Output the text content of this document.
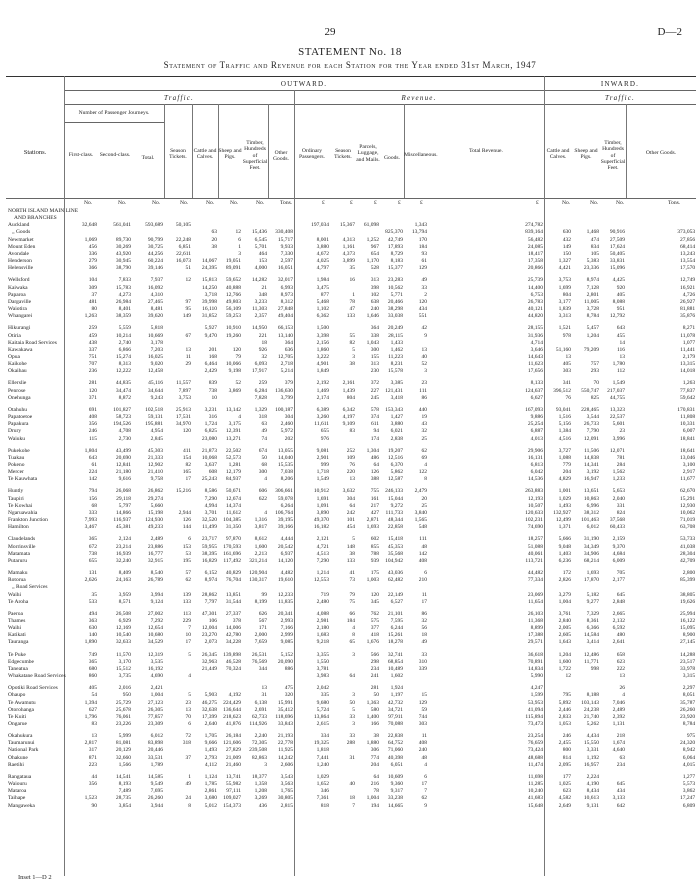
29	D—2
STATEMENT No. 18
Statement of Traffic and Revenue for each Station for the Year ended 31st March, 1947
OUTWARD.	INWARD.
Traffic.	Revenue.	Traffic.
Stations.
Number of Passenger Journeys.
First-class.	Second-class.	Total.
Season Tickets.
Cattle and Calves.
Sheep and Pigs.
Timber, Hundreds of Superficial Feet.
Other Goods.
Ordinary Passengers.
Season Tickets.
Parcels, Luggage, and Mails. Goods. Miscellaneous.
Total Revenue.	Cattle and Calves.
Sheep and Pigs.
Timber, Hundreds of Superficial Feet.
Other Goods.
No.	No.	No.	No.	No.	No.	No.	Tons.	£	£	£	£	£	£	No.	No.	No.	Tons.
NORTH ISLAND MAIN LINE																		
AND BRANCHES																		
Auckland	32,648	561,041	593,689	50,105					197,034	15,367	61,098		1,343	274,782				
„ Goods					63	12	15,436	330,408				825,370	13,794	839,164	630	1,468	90,916	373,053
Newmarket	1,069	89,730	90,799	22,248	20	6	6,545	15,717	8,001	4,313	1,252	42,749	170	56,482	432	474	27,509	27,856
Mount Eden	456	30,269	30,725	6,851	38	1	5,701	9,933	3,880	1,161	967	17,893	184	24,085	149	834	17,624	68,414
Avondale	336	43,920	44,256	22,611		3	464	7,330	4,672	4,373	654	8,729	93	18,417	150	105	50,405	13,243
Henderson	279	30,945	60,224	16,073	14,067	19,051	153	2,597	4,025	3,899	1,170	8,183	61	17,358	1,327	5,383	33,831	13,554
Helensville	366	38,790	39,146	51	24,395	89,091	4,000	16,051	4,797	35	528	15,377	129	20,866	4,421	23,336	15,096	17,570

Wellsford	104	7,833	7,937	12	15,813	59,652	14,282	32,017	1,984	16	313	23,283	49	25,739	3,753	8,974	4,425	12,749
Kaiwaka	309	15,783	16,092		14,250	40,888	21	6,993	3,475		398	10,562	33	14,400	1,699	7,128	920	16,921
Paparoa	37	4,273	4,310		3,718	12,766	348	8,973	877	1	102	5,771	2	6,753	804	2,801	405	4,726
Dargaville	481	26,984	27,465	97	39,998	49,803	3,233	8,312	5,468	78	638	20,466	120	26,783	3,177	11,005	8,088	26,927
Waiotira	80	8,401	8,481	95	16,110	56,109	11,303	27,848	1,102	47	240	38,298	434	40,121	1,839	3,728	951	81,881
Whangarei	1,263	38,359	39,620	149	31,852	59,253	2,357	49,404	6,362	133	1,646	33,038	551	44,820	3,313	8,784	12,792	35,876

Hikurangi	259	5,559	5,818		5,927	10,910	14,950	66,153	1,500		364	20,249	42	28,155	1,521	5,457	643	8,271
Otiria	459	10,214	10,669	67	9,470	19,260	221	13,140	3,398	55	338	28,115	9	31,936	978	1,204	455	11,078
Kaitaia Road Services	438	2,740	3,178				18	364	2,156	82	1,043	1,433		4,714			14	1,077
Kawakawa	337	6,866	7,203	13	201	120	926	636	1,860	5	300	1,462	13	3,646	51,160	79,209	116	11,441
Opua	751	15,274	16,025	11	168	79	32	12,705	3,222	3	155	11,223	40	14,643	13		13	2,179
Kaikohe	707	8,313	9,020	29	6,464	10,066	6,093	2,718	4,901	38	313	8,231	52	11,623	405	757	1,780	13,315
Okaihau	236	12,222	12,458		2,429	9,198	17,917	5,214	1,849		230	15,578	3	17,656	303	293	112	14,018

Ellerslie	281	44,835	45,116	11,557	839	52	259	379	2,192	2,161	372	3,385	23	8,133	341	70	1,549	1,263
Penrose	120	34,474	34,644	7,897	738	3,869	6,284	136,630	1,469	1,439	227	121,431	111	124,637	396,512	550,747	217,037	77,837
Onehunga	371	8,872	9,243	3,753	10		7,828	3,799	2,174	804	245	3,418	86	6,627	76	825	44,755	59,642

Otahuhu	691	101,827	102,518	25,913	3,231	13,142	1,329	100,187	6,389	6,342	578	153,343	440	167,093	93,041	228,465	13,323	170,831
Papatoetoe	408	58,723	59,131	17,531	316	4	318	304	3,260	4,197	374	1,427	19	9,886	1,516	3,544	22,537	11,808
Papakura	356	194,526	195,881	34,970	1,724	3,175	63	2,460	11,611	9,109	611	3,880	43	25,254	5,156	26,733	5,601	10,331
Drury	246	4,708	4,954	120	6,825	12,391	49	5,972	655	83	94	6,021	32	6,887	1,384	7,790	23	6,007
Waiuku	115	2,730	2,845		23,080	13,271	74	202	976		174	2,838	25	4,013	4,516	12,091	3,996	18,841

Pukekohe	1,804	43,499	45,303	411	21,873	22,502	674	13,055	9,081	252	1,304	19,207	62	29,906	3,727	11,506	12,071	18,641
Tuakau	643	20,690	21,333	154	10,068	52,573	50	14,040	2,901	109	486	12,516	69	16,131	1,088	14,838	781	13,046
Pokeno	61	12,841	12,902	82	3,637	1,281	68	15,535	999	76	64	6,370	4	6,813	779	14,341	284	3,100
Mercer	224	21,180	21,410	165	608	12,179	300	7,038	1,718	220	126	5,862	122	6,042	204	3,192	1,562	2,917
Te Kauwhata	142	9,616	9,758	17	25,243	84,937	4	8,206	1,549	13	388	12,587	8	14,536	4,829	16,947	1,233	11,677

Huntly	794	26,068	26,862	15,216	8,586	50,671	606	306,661	10,912	3,632	755	246,133	2,479	263,883	1,001	13,651	5,653	62,670
Taupiri	156	29,118	29,274		7,290	12,674	622	59,078	1,691	304	161	15,044	20	12,193	1,029	10,863	2,040	15,291
Te Kowhai	68	5,797	5,660		4,994	14,374		6,264	1,091	64	217	9,272	25	10,507	1,493	6,996	331	12,930
Ngaruawahia	333	14,866	15,198	2,944	3,701	11,612	4	106,764	3,890	242	427	111,733	3,840	120,633	132,927	38,312	824	10,062
Frankton Junction	7,993	116,937	124,930	126	32,520	104,385	1,316	39,195	49,370	101	2,871	48,344	1,565	102,231	12,499	101,463	37,568	71,019
Hamilton	3,467	45,381	49,233	144	11,499	31,350	3,817	39,166	16,182	454	1,693	22,858	548	74,690	1,371	6,012	60,433	63,708

Claudelands	365	2,124	2,489	6	23,717	97,870	8,612	4,444	2,121	5	602	15,418	111	18,257	5,666	31,190	2,159	53,733
Morrinsville	672	23,214	23,886	153	59,955	170,593	1,600	20,542	4,721	148	855	45,353	48	51,088	9,048	34,349	9,370	41,038
Matamata	738	16,939	16,777	53	38,395	161,696	2,213	6,937	4,513	38	788	35,568	142	40,061	1,403	34,906	4,684	28,304
Putaruru	655	32,240	32,915	195	16,829	117,492	321,214	14,120	7,290	133	939	104,942	408	113,721	6,236	68,214	6,009	42,709

Mamaku	131	8,409	8,540	57	6,152	40,829	120,904	4,482	1,214	41	175	43,036	6	44,482	172	1,693	705	2,800
Rotorua	2,626	24,163	26,789	62	8,974	76,704	130,317	19,610	12,553	73	1,003	62,482	210	77,334	2,826	17,870	2,177	85,399
„ Road Services																		
Waihi	35	3,959	3,994	139	28,862	13,851	99	12,233	719	79	120	22,149	11	23,069	3,279	5,182	645	38,805
Te Aroha	533	8,571	9,124	133	7,797	31,544	8,199	11,835	2,480	75	345	6,527	17	11,654	1,004	9,277	2,848	19,626

Paeroa	494	26,508	27,002	113	47,301	27,337	626	20,341	4,088	66	762	21,101	86	26,103	3,761	7,329	2,665	25,994
Thames	363	6,929	7,292	229	106	378	567	2,993	2,981	184	575	7,595	32	11,368	2,840	8,361	2,132	16,122
Waihi	630	12,169	12,654	7	12,004	14,006	171	7,166	2,180	4	377	6,244	56	8,899	2,005	6,366	6,592	15,095
Katikati	140	10,540	10,680	10	23,270	42,780	2,000	2,999	1,683	8	418	15,261	18	17,388	2,605	14,584	480	8,900
Tauranga	1,890	32,633	34,529	17	2,073	34,228	7,659	9,085	9,218	65	1,676	18,278	49	29,571	1,643	3,414	2,641	27,145

Te Puke	749	11,570	12,319	5	26,345	139,898	26,531	5,152	3,355	3	566	32,741	33	36,618	1,204	12,486	658	14,288
Edgecumbe	365	3,170	3,535		32,963	46,528	76,569	20,090	1,550		298	68,854	310	70,891	1,600	11,771	623	23,517
Taneatua	680	15,512	16,192		21,449	70,324	344	886	3,781		234	10,489	339	14,834	1,722	998	222	33,978
Whakatane Road Services	860	3,735	4,690	4					3,983	64	241	1,602		5,990	12		13	3,315

Opotiki Road Services	405	2,016	2,421				13	475	2,042		281	1,924		4,247			26	2,297
Ohaupo	54	950	1,004	5	5,903	4,192	31	320	335	3	50	1,197	15	1,599	795	8,188	4	8,051
Te Awamutu	1,394	25,729	27,123	23	46,275	224,429	6,138	15,991	9,680	50	1,363	42,732	129	53,953	5,892	103,143	7,046	35,787
Otorohanga	627	25,678	26,305	13	32,638	136,644	2,691	35,412	5,724	5	580	34,721	59	41,094	2,446	24,238	2,489	26,260
Te Kuiti	1,796	76,061	77,857	70	17,399	218,623	62,733	118,696	13,864	33	1,400	97,911	744	115,894	2,833	21,740	2,392	23,920
Ongarue	83	23,226	23,309	6	2,640	41,876	114,926	33,843	2,615	3	166	70,088	303	73,473	1,053	5,262	1,131	8,784

Okahukura	13	5,999	6,012	72	1,705	26,184	2,240	21,193	334	33	38	22,838	11	23,254	246	4,434	218	975
Taumarunui	2,817	81,081	83,898	318	9,666	121,606	72,305	22,778	19,325	288	1,880	64,752	408	76,659	2,455	15,550	1,674	24,320
National Park	317	20,129	20,446		1,493	27,829	239,508	11,925	1,818		306	71,060	240	73,424	800	3,331	4,640	8,942
Ohakune	871	32,660	33,531	37	2,793	21,009	82,863	14,242	7,441	31	774	40,398	48	48,688	814	1,192	63	6,064
Raetihi	223	1,566	1,789		4,112	21,460	3	2,606	1,240		204	6,051	4	11,474	2,095	16,957	234	4,015

Rangataua	44	14,541	14,585	1	1,124	13,741	18,377	3,543	1,029		64	10,609	6	11,698	177	2,224		1,277
Waiouru	356	8,193	9,549	49	1,785	55,982	1,358	3,563	1,652	40	216	9,360	17	11,285	1,025	4,190	645	5,573
Mataroa		7,489	7,695		2,861	97,111	1,208	1,765	346		78	9,317	7	10,240	623	8,434	434	3,862
Taihape	1,523	28,735	26,260	24	3,680	109,027	3,269	30,805	7,361	18	1,004	33,238	62	41,683	4,582	10,613	3,133	17,247
Mangaweka	90	3,854	3,944	8	5,012	154,373	436	2,815	818	7	194	14,665	9	15,648	2,649	9,131	642	6,809
Inset 1—D 2
